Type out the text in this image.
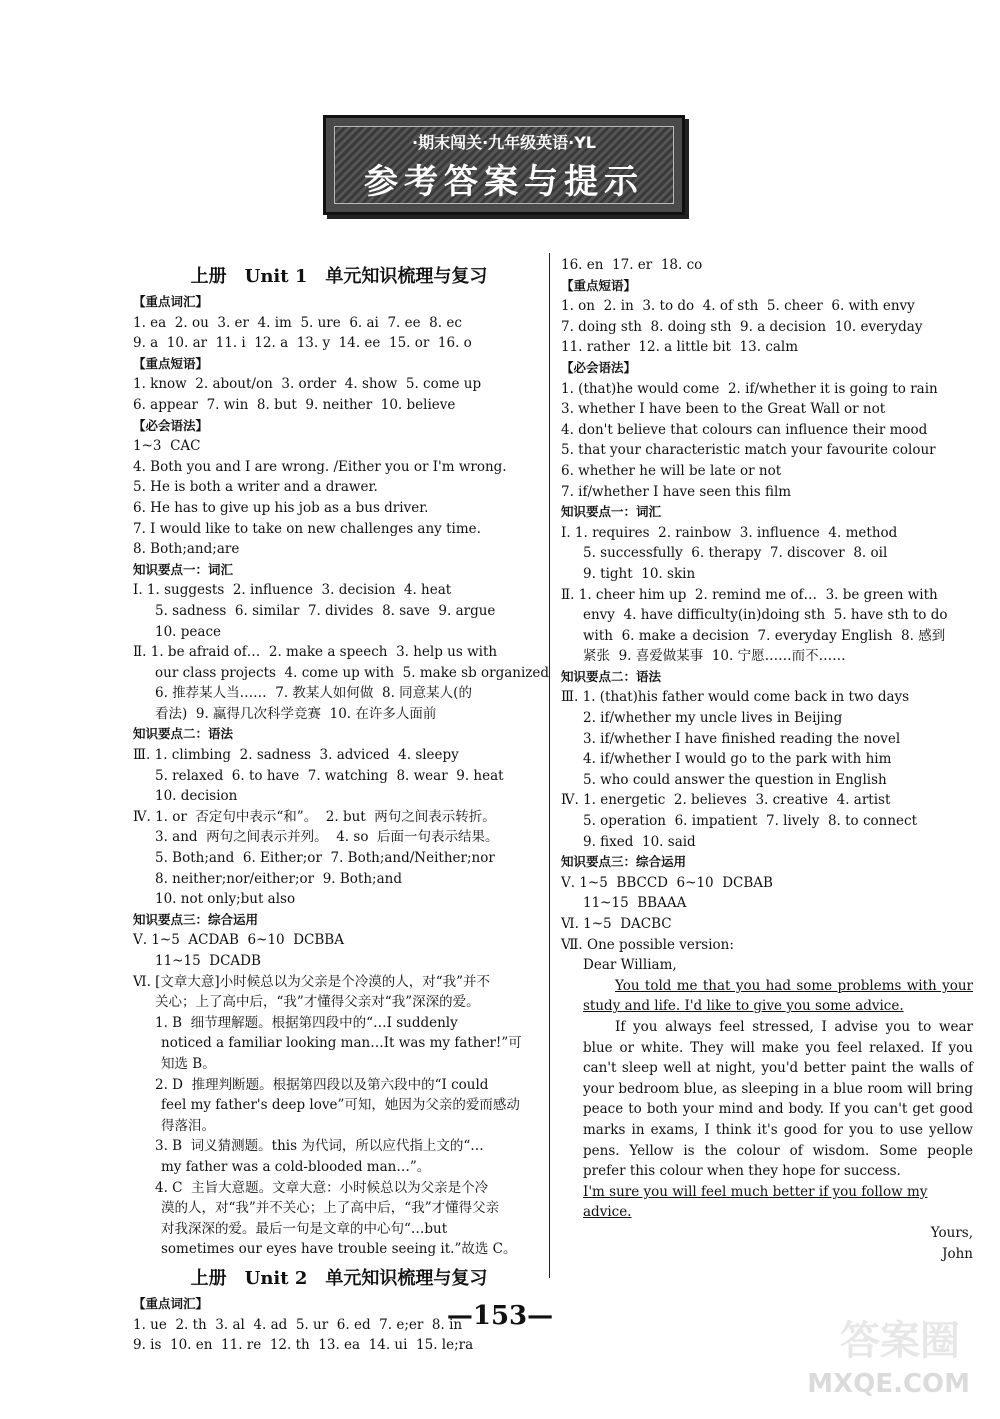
·期末闯关·九年级英语·YL
参考答案与提示
上册　Unit 1　单元知识梳理与复习
【重点词汇】
1. ea  2. ou  3. er  4. im  5. ure  6. ai  7. ee  8. ec
9. a  10. ar  11. i  12. a  13. y  14. ee  15. or  16. o
【重点短语】
1. know  2. about/on  3. order  4. show  5. come up
6. appear  7. win  8. but  9. neither  10. believe
【必会语法】
1~3  CAC
4. Both you and I are wrong. /Either you or I'm wrong.
5. He is both a writer and a drawer.
6. He has to give up his job as a bus driver.
7. I would like to take on new challenges any time.
8. Both;and;are
知识要点一：词汇
Ⅰ. 1. suggests  2. influence  3. decision  4. heat
5. sadness  6. similar  7. divides  8. save  9. argue
10. peace
Ⅱ. 1. be afraid of…  2. make a speech  3. help us with
our class projects  4. come up with  5. make sb organized
6. 推荐某人当……  7. 教某人如何做  8. 同意某人(的
看法)  9. 赢得几次科学竞赛  10. 在许多人面前
知识要点二：语法
Ⅲ. 1. climbing  2. sadness  3. adviced  4. sleepy
5. relaxed  6. to have  7. watching  8. wear  9. heat
10. decision
Ⅳ. 1. or  否定句中表示“和”。  2. but  两句之间表示转折。
3. and  两句之间表示并列。  4. so  后面一句表示结果。
5. Both;and  6. Either;or  7. Both;and/Neither;nor
8. neither;nor/either;or  9. Both;and
10. not only;but also
知识要点三：综合运用
Ⅴ. 1~5  ACDAB  6~10  DCBBA
11~15  DCADB
Ⅵ. [文章大意]小时候总以为父亲是个冷漠的人，对“我”并不
关心；上了高中后，“我”才懂得父亲对“我”深深的爱。
1. B  细节理解题。根据第四段中的“…I suddenly
noticed a familiar looking man…It was my father!”可
知选 B。
2. D  推理判断题。根据第四段以及第六段中的“I could
feel my father's deep love”可知，她因为父亲的爱而感动
得落泪。
3. B  词义猜测题。this 为代词，所以应代指上文的“…
my father was a cold-blooded man…”。
4. C  主旨大意题。文章大意：小时候总以为父亲是个冷
漠的人，对“我”并不关心；上了高中后，“我”才懂得父亲
对我深深的爱。最后一句是文章的中心句“…but
sometimes our eyes have trouble seeing it.”故选 C。
上册　Unit 2　单元知识梳理与复习
【重点词汇】
1. ue  2. th  3. al  4. ad  5. ur  6. ed  7. e;er  8. in
9. is  10. en  11. re  12. th  13. ea  14. ui  15. le;ra
16. en  17. er  18. co
【重点短语】
1. on  2. in  3. to do  4. of sth  5. cheer  6. with envy
7. doing sth  8. doing sth  9. a decision  10. everyday
11. rather  12. a little bit  13. calm
【必会语法】
1. (that)he would come  2. if/whether it is going to rain
3. whether I have been to the Great Wall or not
4. don't believe that colours can influence their mood
5. that your characteristic match your favourite colour
6. whether he will be late or not
7. if/whether I have seen this film
知识要点一：词汇
Ⅰ. 1. requires  2. rainbow  3. influence  4. method
5. successfully  6. therapy  7. discover  8. oil
9. tight  10. skin
Ⅱ. 1. cheer him up  2. remind me of…  3. be green with
envy  4. have difficulty(in)doing sth  5. have sth to do
with  6. make a decision  7. everyday English  8. 感到
紧张  9. 喜爱做某事  10. 宁愿……而不……
知识要点二：语法
Ⅲ. 1. (that)his father would come back in two days
2. if/whether my uncle lives in Beijing
3. if/whether I have finished reading the novel
4. if/whether I would go to the park with him
5. who could answer the question in English
Ⅳ. 1. energetic  2. believes  3. creative  4. artist
5. operation  6. impatient  7. lively  8. to connect
9. fixed  10. said
知识要点三：综合运用
Ⅴ. 1~5  BBCCD  6~10  DCBAB
11~15  BBAAA
Ⅵ. 1~5  DACBC
Ⅶ. One possible version:
Dear William,
You told me that you had some problems with your study and life. I'd like to give you some advice.
If you always feel stressed, I advise you to wear blue or white. They will make you feel relaxed. If you can't sleep well at night, you'd better paint the walls of your bedroom blue, as sleeping in a blue room will bring peace to both your mind and body. If you can't get good marks in exams, I think it's good for you to use yellow pens. Yellow is the colour of wisdom. Some people prefer this colour when they hope for success.
I'm sure you will feel much better if you follow my advice.
Yours,
John
—153—
答案圈
MXQE.COM
